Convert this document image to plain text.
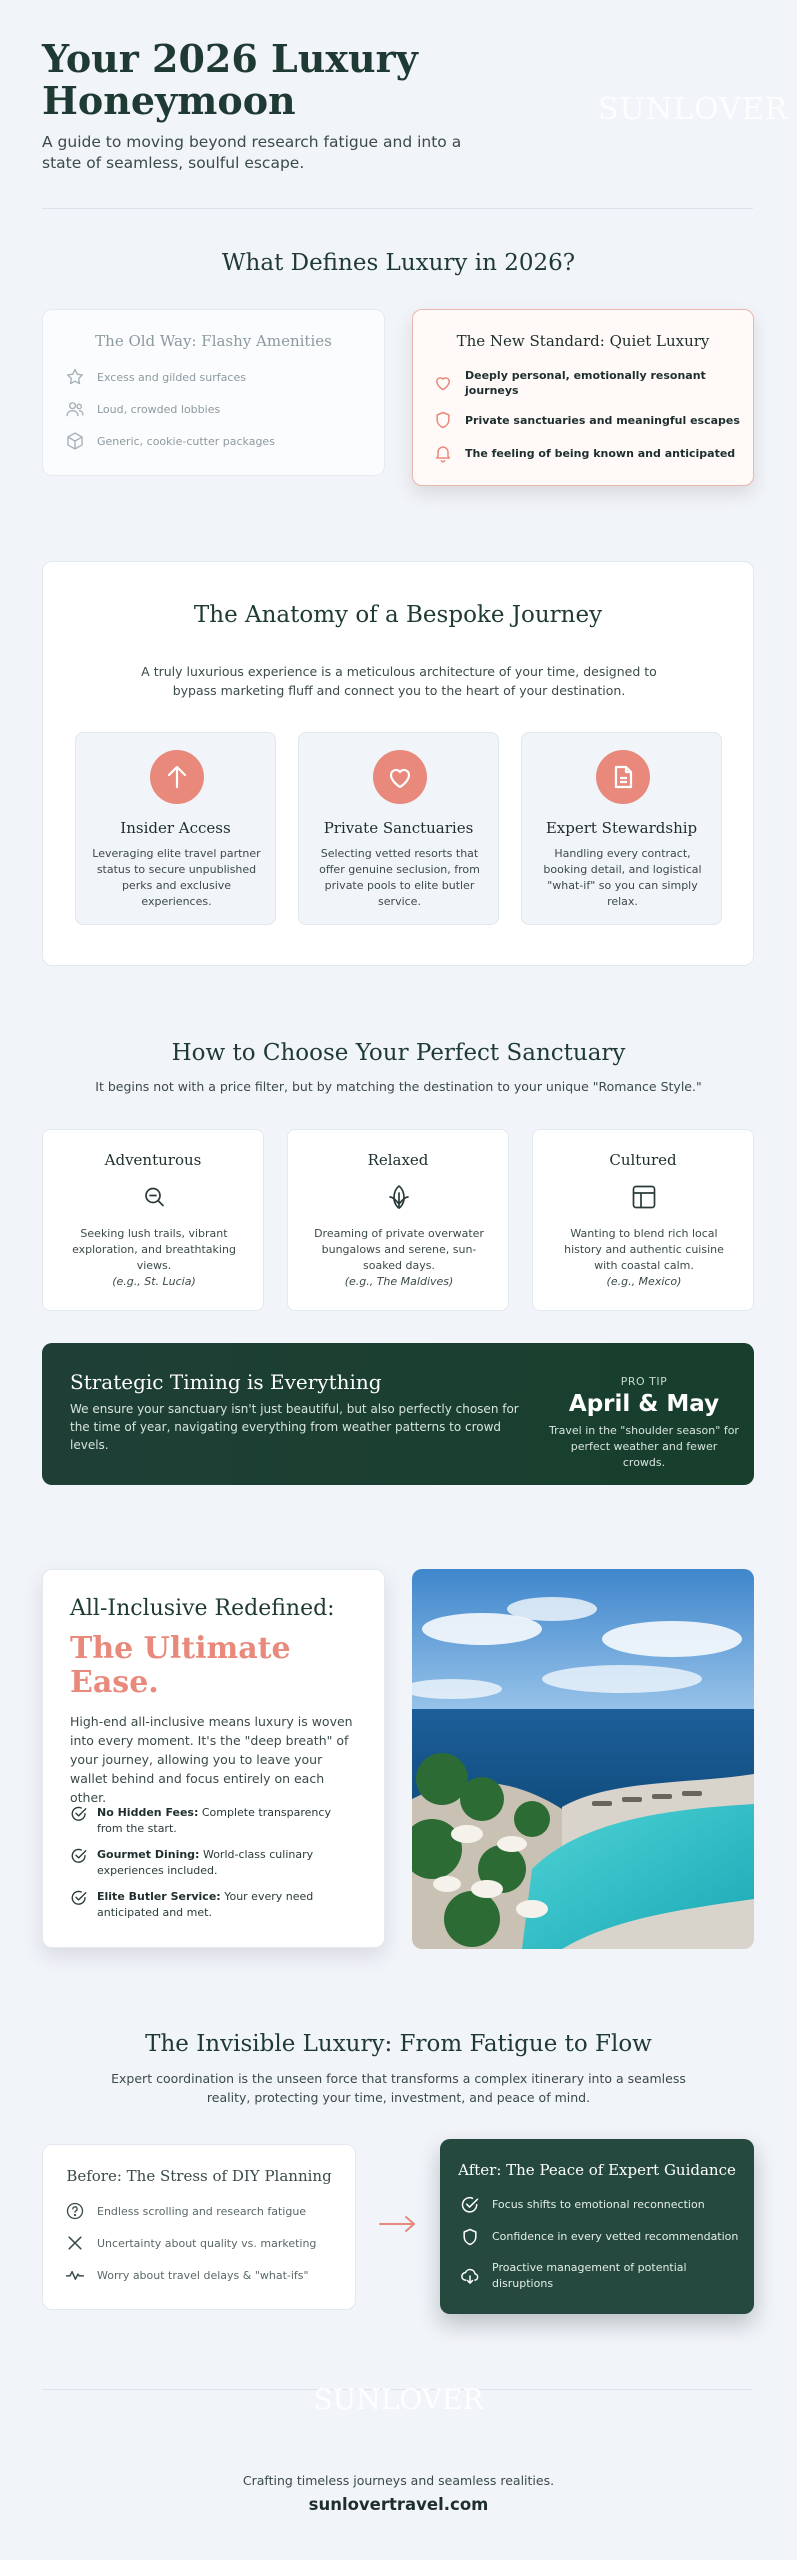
Your 2026 Luxury Honeymoon
A guide to moving beyond research fatigue and into a state of seamless, soulful escape.
SUNLOVER
What Defines Luxury in 2026?
The Old Way: Flashy Amenities
Excess and gilded surfaces
Loud, crowded lobbies
Generic, cookie-cutter packages
The New Standard: Quiet Luxury
Deeply personal, emotionally resonant journeys
Private sanctuaries and meaningful escapes
The feeling of being known and anticipated
The Anatomy of a Bespoke Journey
A truly luxurious experience is a meticulous architecture of your time, designed to bypass marketing fluff and connect you to the heart of your destination.
Insider Access
Leveraging elite travel partner status to secure unpublished perks and exclusive experiences.
Private Sanctuaries
Selecting vetted resorts that offer genuine seclusion, from private pools to elite butler service.
Expert Stewardship
Handling every contract, booking detail, and logistical "what-if" so you can simply relax.
How to Choose Your Perfect Sanctuary
It begins not with a price filter, but by matching the destination to your unique "Romance Style."
Adventurous
Seeking lush trails, vibrant exploration, and breathtaking views.
(e.g., St. Lucia)
Relaxed
Dreaming of private overwater bungalows and serene, sun-soaked days.
(e.g., The Maldives)
Cultured
Wanting to blend rich local history and authentic cuisine with coastal calm.
(e.g., Mexico)
Strategic Timing is Everything
We ensure your sanctuary isn't just beautiful, but also perfectly chosen for the time of year, navigating everything from weather patterns to crowd levels.
PRO TIP
April & May
Travel in the "shoulder season" for perfect weather and fewer crowds.
All-Inclusive Redefined:
The Ultimate Ease.
High-end all-inclusive means luxury is woven into every moment. It's the "deep breath" of your journey, allowing you to leave your wallet behind and focus entirely on each other.
No Hidden Fees: Complete transparency from the start.
Gourmet Dining: World-class culinary experiences included.
Elite Butler Service: Your every need anticipated and met.
The Invisible Luxury: From Fatigue to Flow
Expert coordination is the unseen force that transforms a complex itinerary into a seamless reality, protecting your time, investment, and peace of mind.
Before: The Stress of DIY Planning
Endless scrolling and research fatigue
Uncertainty about quality vs. marketing
Worry about travel delays & "what-ifs"
After: The Peace of Expert Guidance
Focus shifts to emotional reconnection
Confidence in every vetted recommendation
Proactive management of potential disruptions
SUNLOVER
Crafting timeless journeys and seamless realities.
sunlovertravel.com
